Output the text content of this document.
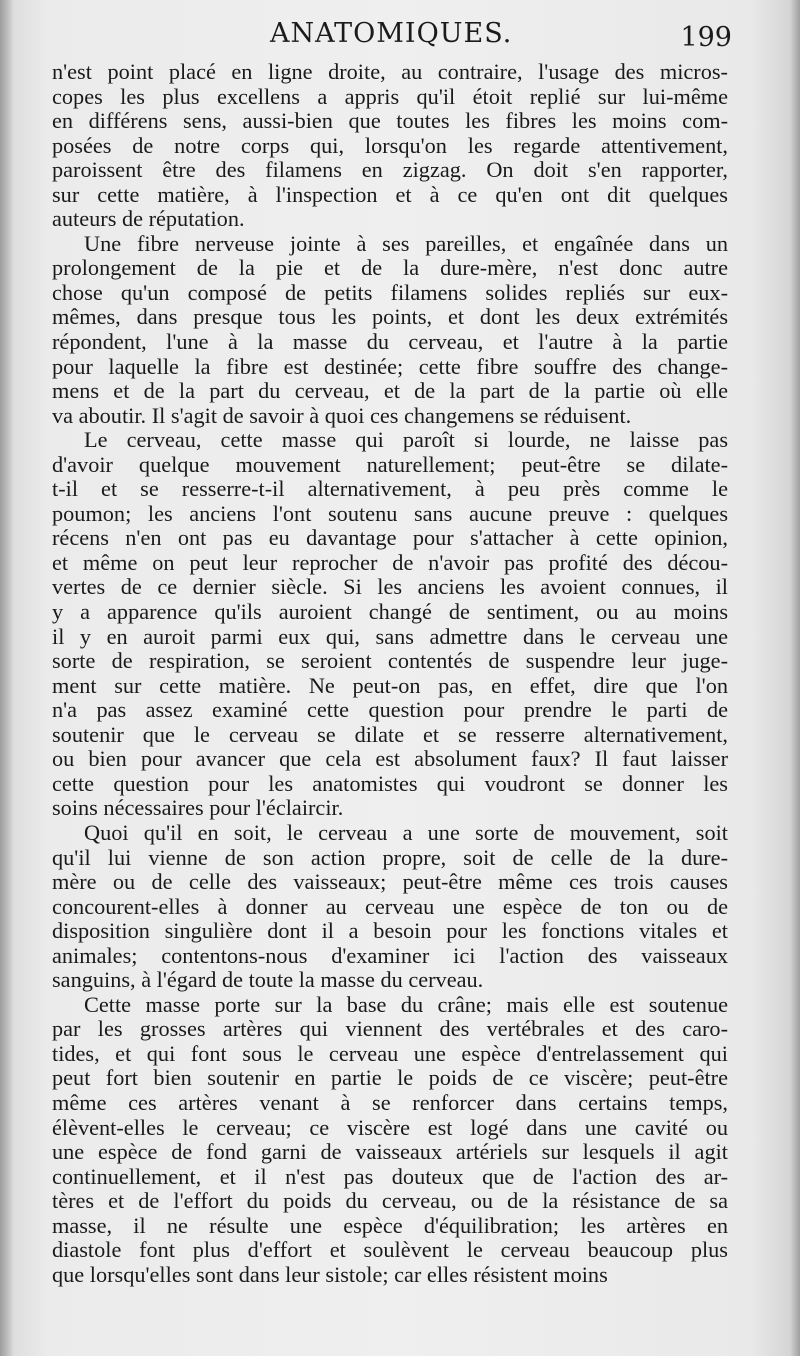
ANATOMIQUES.	199
n'est point placé en ligne droite, au contraire, l'usage des micros-
copes les plus excellens a appris qu'il étoit replié sur lui-même
en différens sens, aussi-bien que toutes les fibres les moins com-
posées de notre corps qui, lorsqu'on les regarde attentivement,
paroissent être des filamens en zigzag. On doit s'en rapporter,
sur cette matière, à l'inspection et à ce qu'en ont dit quelques
auteurs de réputation.
Une fibre nerveuse jointe à ses pareilles, et engaînée dans un
prolongement de la pie et de la dure-mère, n'est donc autre
chose qu'un composé de petits filamens solides repliés sur eux-
mêmes, dans presque tous les points, et dont les deux extrémités
répondent, l'une à la masse du cerveau, et l'autre à la partie
pour laquelle la fibre est destinée; cette fibre souffre des change-
mens et de la part du cerveau, et de la part de la partie où elle
va aboutir. Il s'agit de savoir à quoi ces changemens se réduisent.
Le cerveau, cette masse qui paroît si lourde, ne laisse pas
d'avoir quelque mouvement naturellement; peut-être se dilate-
t-il et se resserre-t-il alternativement, à peu près comme le
poumon; les anciens l'ont soutenu sans aucune preuve : quelques
récens n'en ont pas eu davantage pour s'attacher à cette opinion,
et même on peut leur reprocher de n'avoir pas profité des décou-
vertes de ce dernier siècle. Si les anciens les avoient connues, il
y a apparence qu'ils auroient changé de sentiment, ou au moins
il y en auroit parmi eux qui, sans admettre dans le cerveau une
sorte de respiration, se seroient contentés de suspendre leur juge-
ment sur cette matière. Ne peut-on pas, en effet, dire que l'on
n'a pas assez examiné cette question pour prendre le parti de
soutenir que le cerveau se dilate et se resserre alternativement,
ou bien pour avancer que cela est absolument faux? Il faut laisser
cette question pour les anatomistes qui voudront se donner les
soins nécessaires pour l'éclaircir.
Quoi qu'il en soit, le cerveau a une sorte de mouvement, soit
qu'il lui vienne de son action propre, soit de celle de la dure-
mère ou de celle des vaisseaux; peut-être même ces trois causes
concourent-elles à donner au cerveau une espèce de ton ou de
disposition singulière dont il a besoin pour les fonctions vitales et
animales; contentons-nous d'examiner ici l'action des vaisseaux
sanguins, à l'égard de toute la masse du cerveau.
Cette masse porte sur la base du crâne; mais elle est soutenue
par les grosses artères qui viennent des vertébrales et des caro-
tides, et qui font sous le cerveau une espèce d'entrelassement qui
peut fort bien soutenir en partie le poids de ce viscère; peut-être
même ces artères venant à se renforcer dans certains temps,
élèvent-elles le cerveau; ce viscère est logé dans une cavité ou
une espèce de fond garni de vaisseaux artériels sur lesquels il agit
continuellement, et il n'est pas douteux que de l'action des ar-
tères et de l'effort du poids du cerveau, ou de la résistance de sa
masse, il ne résulte une espèce d'équilibration; les artères en
diastole font plus d'effort et soulèvent le cerveau beaucoup plus
que lorsqu'elles sont dans leur sistole; car elles résistent moins
